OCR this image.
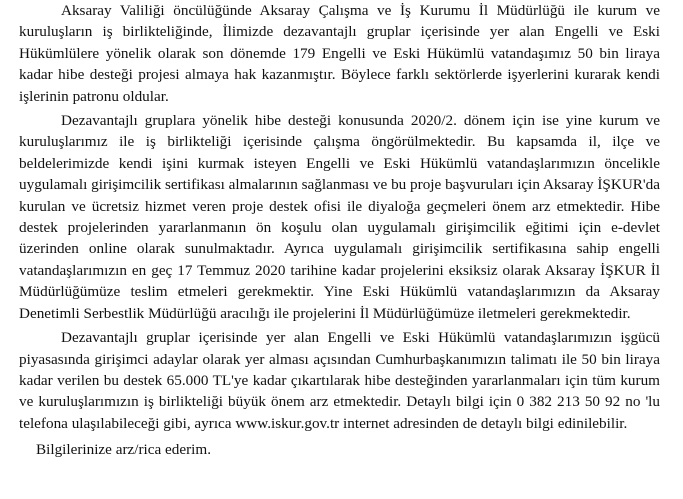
Aksaray Valiliği öncülüğünde Aksaray Çalışma ve İş Kurumu İl Müdürlüğü ile kurum ve kuruluşların iş birlikteliğinde, İlimizde dezavantajlı gruplar içerisinde yer alan Engelli ve Eski Hükümlülere yönelik olarak son dönemde 179 Engelli ve Eski Hükümlü vatandaşımız 50 bin liraya kadar hibe desteği projesi almaya hak kazanmıştır. Böylece farklı sektörlerde işyerlerini kurarak kendi işlerinin patronu oldular.

Dezavantajlı gruplara yönelik hibe desteği konusunda 2020/2. dönem için ise yine kurum ve kuruluşlarımız ile iş birlikteliği içerisinde çalışma öngörülmektedir. Bu kapsamda il, ilçe ve beldelerimizde kendi işini kurmak isteyen Engelli ve Eski Hükümlü vatandaşlarımızın öncelikle uygulamalı girişimcilik sertifikası almalarının sağlanması ve bu proje başvuruları için Aksaray İŞKUR'da kurulan ve ücretsiz hizmet veren proje destek ofisi ile diyaloğa geçmeleri önem arz etmektedir. Hibe destek projelerinden yararlanmanın ön koşulu olan uygulamalı girişimcilik eğitimi için e-devlet üzerinden online olarak sunulmaktadır. Ayrıca uygulamalı girişimcilik sertifikasına sahip engelli vatandaşlarımızın en geç 17 Temmuz 2020 tarihine kadar projelerini eksiksiz olarak Aksaray İŞKUR İl Müdürlüğümüze teslim etmeleri gerekmektir. Yine Eski Hükümlü vatandaşlarımızın da Aksaray Denetimli Serbestlik Müdürlüğü aracılığı ile projelerini İl Müdürlüğümüze iletmeleri gerekmektedir.

Dezavantajlı gruplar içerisinde yer alan Engelli ve Eski Hükümlü vatandaşlarımızın işgücü piyasasında girişimci adaylar olarak yer alması açısından Cumhurbaşkanımızın talimatı ile 50 bin liraya kadar verilen bu destek 65.000 TL'ye kadar çıkartılarak hibe desteğinden yararlanmaları için tüm kurum ve kuruluşlarımızın iş birlikteliği büyük önem arz etmektedir. Detaylı bilgi için 0 382 213 50 92 no 'lu telefona ulaşılabileceği gibi, ayrıca www.iskur.gov.tr internet adresinden de detaylı bilgi edinilebilir.

Bilgilerinize arz/rica ederim.
